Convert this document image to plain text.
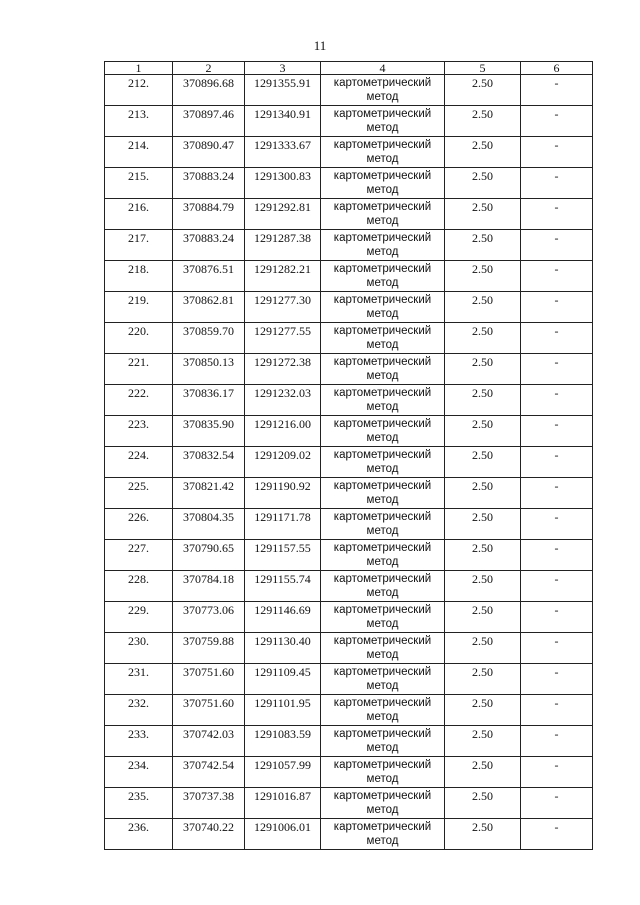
11
1	2	3	4	5	6
212.	370896.68	1291355.91	картометрический метод	2.50	-
213.	370897.46	1291340.91	картометрический метод	2.50	-
214.	370890.47	1291333.67	картометрический метод	2.50	-
215.	370883.24	1291300.83	картометрический метод	2.50	-
216.	370884.79	1291292.81	картометрический метод	2.50	-
217.	370883.24	1291287.38	картометрический метод	2.50	-
218.	370876.51	1291282.21	картометрический метод	2.50	-
219.	370862.81	1291277.30	картометрический метод	2.50	-
220.	370859.70	1291277.55	картометрический метод	2.50	-
221.	370850.13	1291272.38	картометрический метод	2.50	-
222.	370836.17	1291232.03	картометрический метод	2.50	-
223.	370835.90	1291216.00	картометрический метод	2.50	-
224.	370832.54	1291209.02	картометрический метод	2.50	-
225.	370821.42	1291190.92	картометрический метод	2.50	-
226.	370804.35	1291171.78	картометрический метод	2.50	-
227.	370790.65	1291157.55	картометрический метод	2.50	-
228.	370784.18	1291155.74	картометрический метод	2.50	-
229.	370773.06	1291146.69	картометрический метод	2.50	-
230.	370759.88	1291130.40	картометрический метод	2.50	-
231.	370751.60	1291109.45	картометрический метод	2.50	-
232.	370751.60	1291101.95	картометрический метод	2.50	-
233.	370742.03	1291083.59	картометрический метод	2.50	-
234.	370742.54	1291057.99	картометрический метод	2.50	-
235.	370737.38	1291016.87	картометрический метод	2.50	-
236.	370740.22	1291006.01	картометрический метод	2.50	-
